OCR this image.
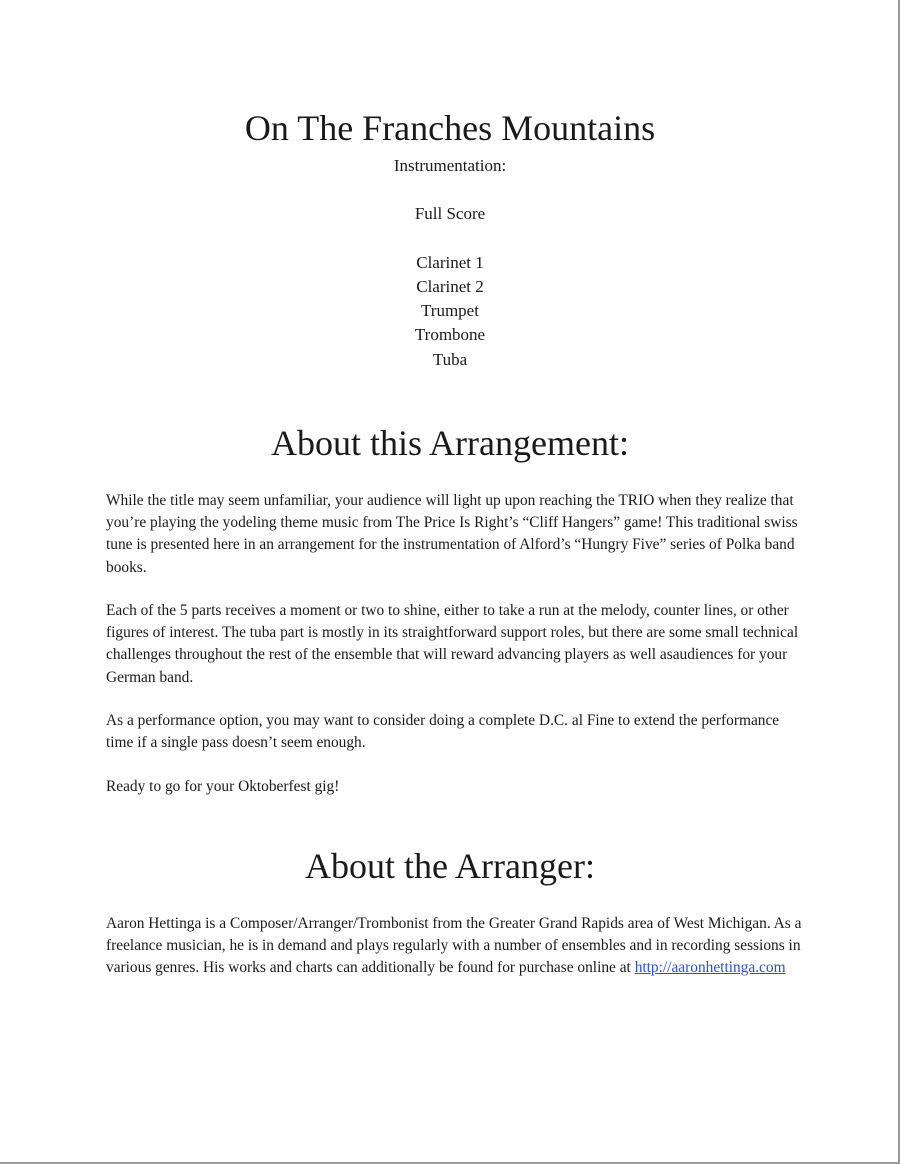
On The Franches Mountains
Instrumentation:
Full Score
Clarinet 1
Clarinet 2
Trumpet
Trombone
Tuba
About this Arrangement:

While the title may seem unfamiliar, your audience will light up upon reaching the TRIO when they realize that you’re playing the yodeling theme music from The Price Is Right’s “Cliff Hangers” game! This traditional swiss tune is presented here in an arrangement for the instrumentation of Alford’s “Hungry Five” series of Polka band books.

Each of the 5 parts receives a moment or two to shine, either to take a run at the melody, counter lines, or other figures of interest. The tuba part is mostly in its straightforward support roles, but there are some small technical challenges throughout the rest of the ensemble that will reward advancing players as well asaudiences for your German band.

As a performance option, you may want to consider doing a complete D.C. al Fine to extend the performance time if a single pass doesn’t seem enough.

Ready to go for your Oktoberfest gig!

About the Arranger:

Aaron Hettinga is a Composer/Arranger/Trombonist from the Greater Grand Rapids area of West Michigan. As a freelance musician, he is in demand and plays regularly with a number of ensembles and in recording sessions in various genres. His works and charts can additionally be found for purchase online at http://aaronhettinga.com
